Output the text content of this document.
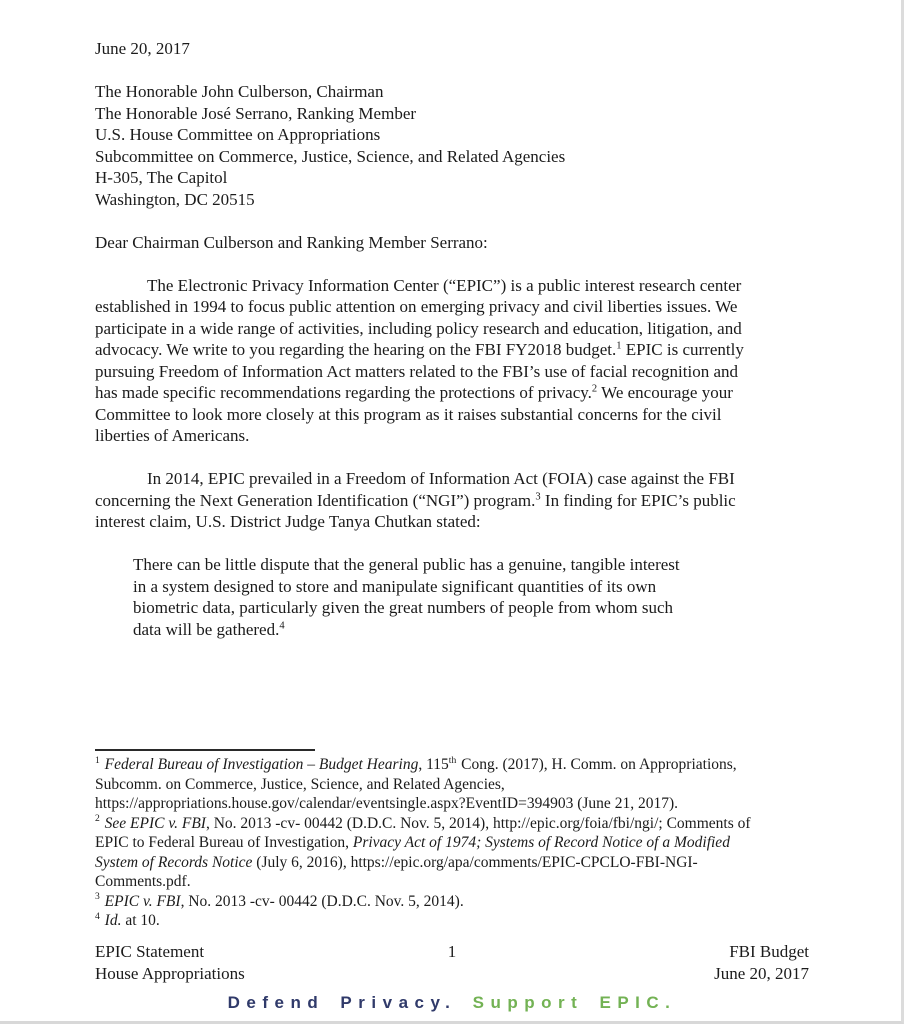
June 20, 2017
The Honorable John Culberson, Chairman
The Honorable José Serrano, Ranking Member
U.S. House Committee on Appropriations
Subcommittee on Commerce, Justice, Science, and Related Agencies
H-305, The Capitol
Washington, DC 20515
Dear Chairman Culberson and Ranking Member Serrano:
The Electronic Privacy Information Center (“EPIC”) is a public interest research center
established in 1994 to focus public attention on emerging privacy and civil liberties issues. We
participate in a wide range of activities, including policy research and education, litigation, and
advocacy. We write to you regarding the hearing on the FBI FY2018 budget.$^1$ EPIC is currently
pursuing Freedom of Information Act matters related to the FBI’s use of facial recognition and
has made specific recommendations regarding the protections of privacy.$^2$ We encourage your
Committee to look more closely at this program as it raises substantial concerns for the civil
liberties of Americans.
In 2014, EPIC prevailed in a Freedom of Information Act (FOIA) case against the FBI
concerning the Next Generation Identification (“NGI”) program.$^3$ In finding for EPIC’s public
interest claim, U.S. District Judge Tanya Chutkan stated:
There can be little dispute that the general public has a genuine, tangible interest
in a system designed to store and manipulate significant quantities of its own
biometric data, particularly given the great numbers of people from whom such
data will be gathered.$^4$
$^1$ Federal Bureau of Investigation – Budget Hearing, 115th Cong. (2017), H. Comm. on Appropriations,
Subcomm. on Commerce, Justice, Science, and Related Agencies,
https://appropriations.house.gov/calendar/eventsingle.aspx?EventID=394903 (June 21, 2017).
$^2$ See EPIC v. FBI, No. 2013 -cv- 00442 (D.D.C. Nov. 5, 2014), http://epic.org/foia/fbi/ngi/; Comments of
EPIC to Federal Bureau of Investigation, Privacy Act of 1974; Systems of Record Notice of a Modified
System of Records Notice (July 6, 2016), https://epic.org/apa/comments/EPIC-CPCLO-FBI-NGI-
Comments.pdf.
$^3$ EPIC v. FBI, No. 2013 -cv- 00442 (D.D.C. Nov. 5, 2014).
$^4$ Id. at 10.
EPIC Statement
House Appropriations
1	FBI Budget
June 20, 2017
Defend Privacy. Support EPIC.
